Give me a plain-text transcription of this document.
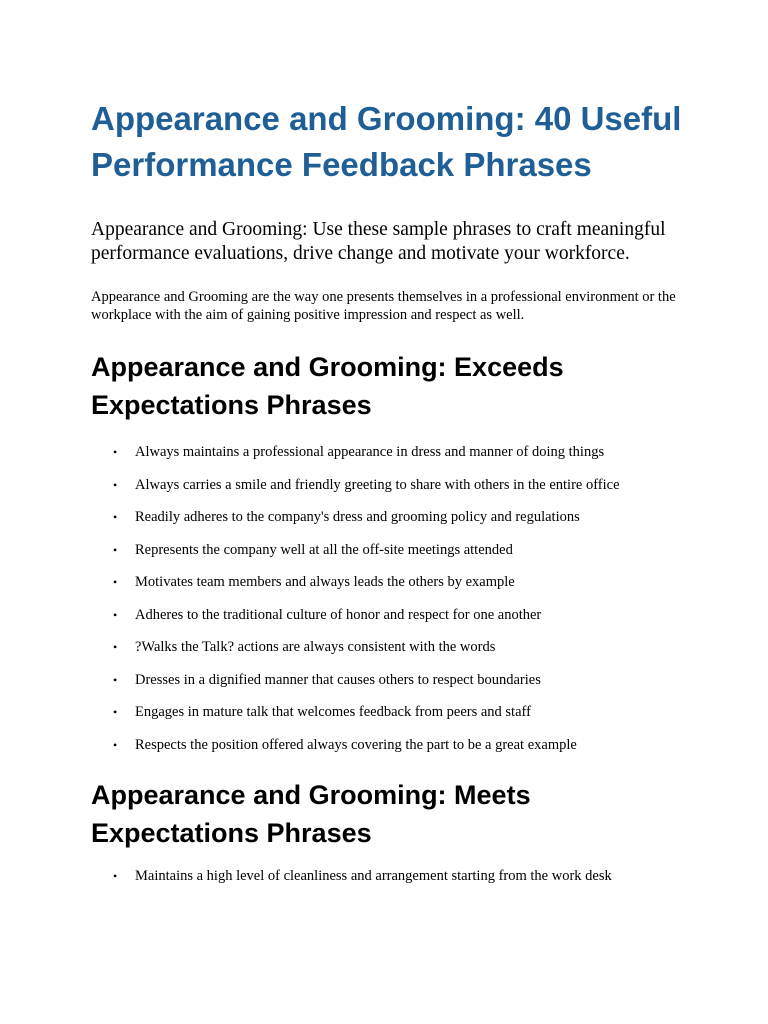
Appearance and Grooming: 40 Useful Performance Feedback Phrases

Appearance and Grooming: Use these sample phrases to craft meaningful performance evaluations, drive change and motivate your workforce.

Appearance and Grooming are the way one presents themselves in a professional environment or the workplace with the aim of gaining positive impression and respect as well.

Appearance and Grooming: Exceeds Expectations Phrases
• Always maintains a professional appearance in dress and manner of doing things
• Always carries a smile and friendly greeting to share with others in the entire office
• Readily adheres to the company's dress and grooming policy and regulations
• Represents the company well at all the off-site meetings attended
• Motivates team members and always leads the others by example
• Adheres to the traditional culture of honor and respect for one another
• ?Walks the Talk? actions are always consistent with the words
• Dresses in a dignified manner that causes others to respect boundaries
• Engages in mature talk that welcomes feedback from peers and staff
• Respects the position offered always covering the part to be a great example
Appearance and Grooming: Meets Expectations Phrases
• Maintains a high level of cleanliness and arrangement starting from the work desk
